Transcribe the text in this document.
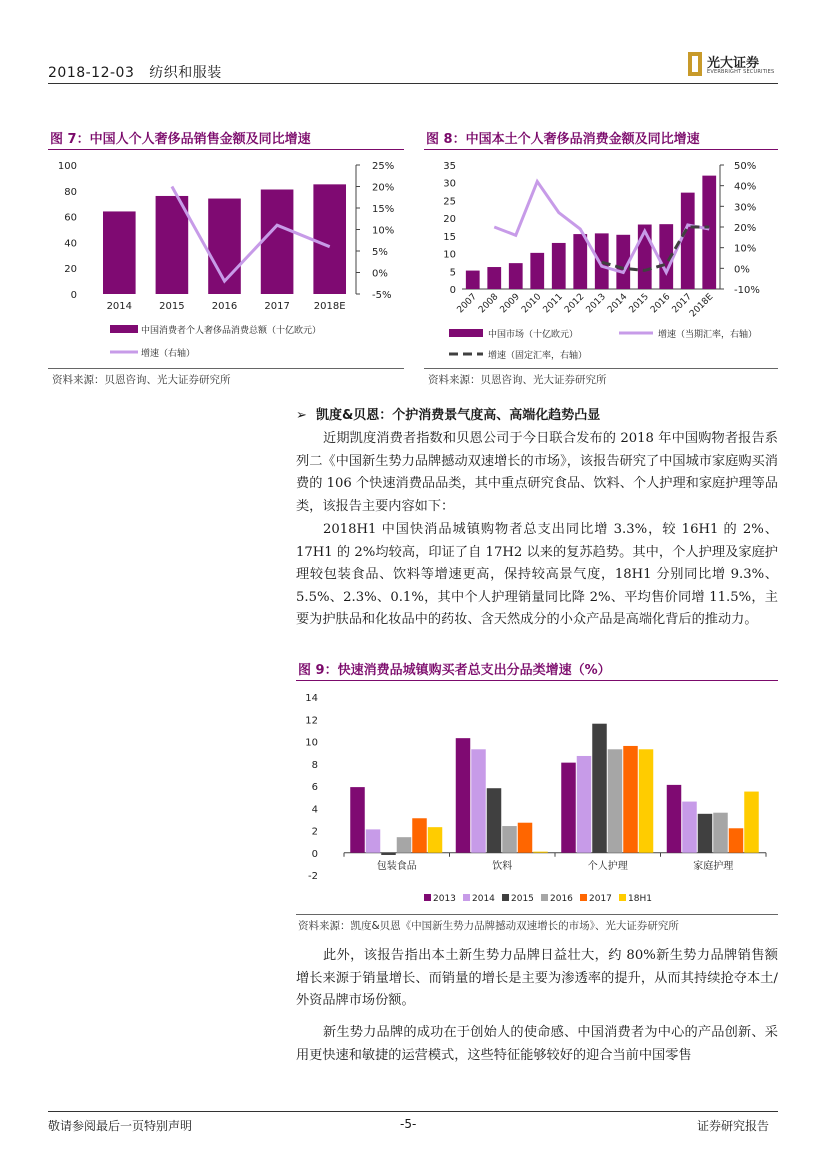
2018-12-03 纺织和服装
光大证券
EVERBRIGHT SECURITIES
图 7：中国人个人奢侈品销售金额及同比增速
0
20
40
60
80
100
-5%
0%
5%
10%
15%
20%
25%
2014	2015	2016	2017 2018E
中国消费者个人奢侈品消费总额（十亿欧元）
增速（右轴）
资料来源：贝恩咨询、光大证券研究所
图 8：中国本土个人奢侈品消费金额及同比增速
0
5
10
15
20
25
30
35
-10%
0%
10%
20%
30%
40%
50%
2007
2008
2009
2010
2011
2012
2013
2014
2015
2016
2017
2018E
中国市场（十亿欧元）	增速（当期汇率，右轴）
增速（固定汇率，右轴）
资料来源：贝恩咨询、光大证券研究所
➢ 凯度&贝恩：个护消费景气度高、高端化趋势凸显
近期凯度消费者指数和贝恩公司于今日联合发布的 2018 年中国购物者报告系列二《中国新生势力品牌撼动双速增长的市场》，该报告研究了中国城市家庭购买消费的 106 个快速消费品品类，其中重点研究食品、饮料、个人护理和家庭护理等品类，该报告主要内容如下：
2018H1 中国快消品城镇购物者总支出同比增 3.3%，较 16H1 的 2%、17H1 的 2%均较高，印证了自 17H2 以来的复苏趋势。其中，个人护理及家庭护理较包装食品、饮料等增速更高，保持较高景气度，18H1 分别同比增 9.3%、5.5%、2.3%、0.1%，其中个人护理销量同比降 2%、平均售价同增 11.5%，主要为护肤品和化妆品中的药妆、含天然成分的小众产品是高端化背后的推动力。
图 9：快速消费品城镇购买者总支出分品类增速（%）
-2
0
2
4
6
8
10
12
14
包装食品	饮料	个人护理	家庭护理
2013 2014 2015 2016 2017 18H1
资料来源：凯度&贝恩《中国新生势力品牌撼动双速增长的市场》、光大证券研究所
此外，该报告指出本土新生势力品牌日益壮大，约 80%新生势力品牌销售额增长来源于销量增长、而销量的增长是主要为渗透率的提升，从而其持续抢夺本土/外资品牌市场份额。
新生势力品牌的成功在于创始人的使命感、中国消费者为中心的产品创新、采用更快速和敏捷的运营模式，这些特征能够较好的迎合当前中国零售
敬请参阅最后一页特别声明	-5-	证券研究报告
